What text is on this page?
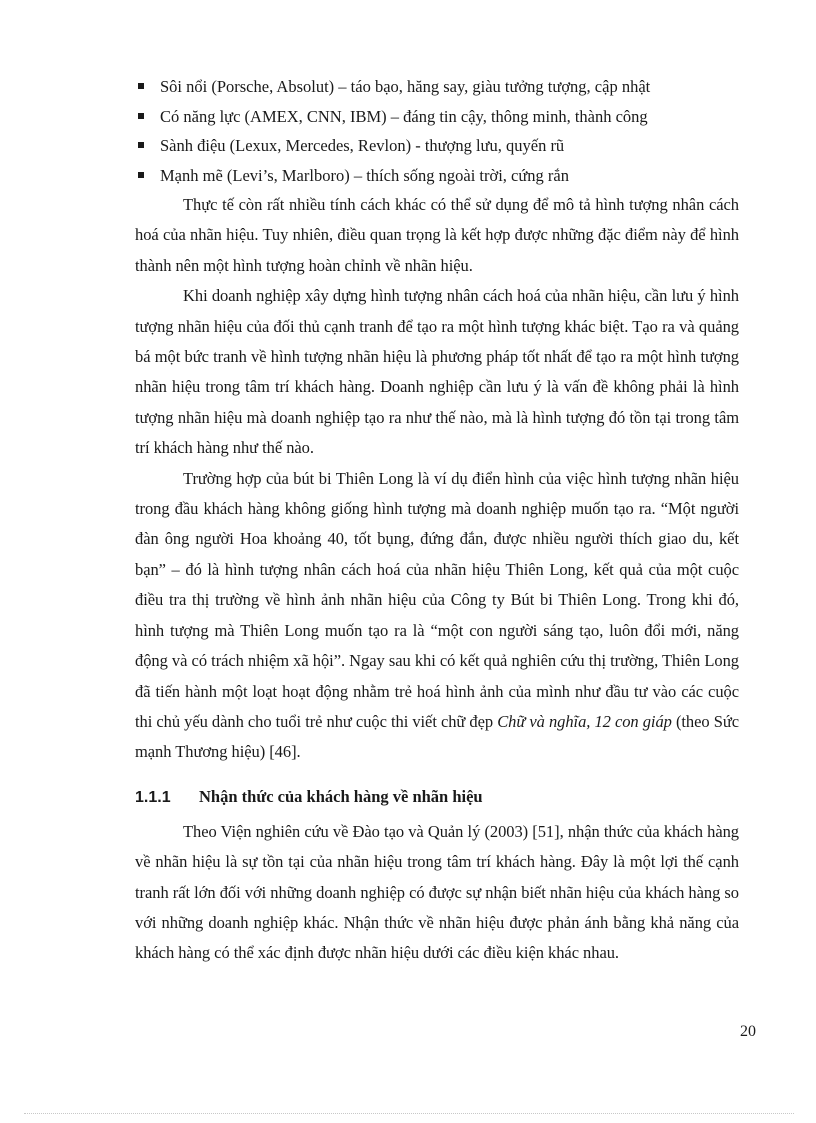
Sôi nổi (Porsche, Absolut) – táo bạo, hăng say, giàu tưởng tượng, cập nhật
Có năng lực (AMEX, CNN, IBM) – đáng tin cậy, thông minh, thành công
Sành điệu (Lexux, Mercedes, Revlon) - thượng lưu, quyến rũ
Mạnh mẽ (Levi’s, Marlboro) – thích sống ngoài trời, cứng rắn

Thực tế còn rất nhiều tính cách khác có thể sử dụng để mô tả hình tượng nhân cách hoá của nhãn hiệu. Tuy nhiên, điều quan trọng là kết hợp được những đặc điểm này để hình thành nên một hình tượng hoàn chỉnh về nhãn hiệu.

Khi doanh nghiệp xây dựng hình tượng nhân cách hoá của nhãn hiệu, cần lưu ý hình tượng nhãn hiệu của đối thủ cạnh tranh để tạo ra một hình tượng khác biệt. Tạo ra và quảng bá một bức tranh về hình tượng nhãn hiệu là phương pháp tốt nhất để tạo ra một hình tượng nhãn hiệu trong tâm trí khách hàng. Doanh nghiệp cần lưu ý là vấn đề không phải là hình tượng nhãn hiệu mà doanh nghiệp tạo ra như thế nào, mà là hình tượng đó tồn tại trong tâm trí khách hàng như thế nào.

Trường hợp của bút bi Thiên Long là ví dụ điển hình của việc hình tượng nhãn hiệu trong đầu khách hàng không giống hình tượng mà doanh nghiệp muốn tạo ra. “Một người đàn ông người Hoa khoảng 40, tốt bụng, đứng đắn, được nhiều người thích giao du, kết bạn” – đó là hình tượng nhân cách hoá của nhãn hiệu Thiên Long, kết quả của một cuộc điều tra thị trường về hình ảnh nhãn hiệu của Công ty Bút bi Thiên Long. Trong khi đó, hình tượng mà Thiên Long muốn tạo ra là “một con người sáng tạo, luôn đổi mới, năng động và có trách nhiệm xã hội”. Ngay sau khi có kết quả nghiên cứu thị trường, Thiên Long đã tiến hành một loạt hoạt động nhằm trẻ hoá hình ảnh của mình như đầu tư vào các cuộc thi chủ yếu dành cho tuổi trẻ như cuộc thi viết chữ đẹp Chữ và nghĩa, 12 con giáp (theo Sức mạnh Thương hiệu) [46].

1.1.1	Nhận thức của khách hàng về nhãn hiệu

Theo Viện nghiên cứu về Đào tạo và Quản lý (2003) [51], nhận thức của khách hàng về nhãn hiệu là sự tồn tại của nhãn hiệu trong tâm trí khách hàng. Đây là một lợi thế cạnh tranh rất lớn đối với những doanh nghiệp có được sự nhận biết nhãn hiệu của khách hàng so với những doanh nghiệp khác. Nhận thức về nhãn hiệu được phản ánh bằng khả năng của khách hàng có thể xác định được nhãn hiệu dưới các điều kiện khác nhau.

20
